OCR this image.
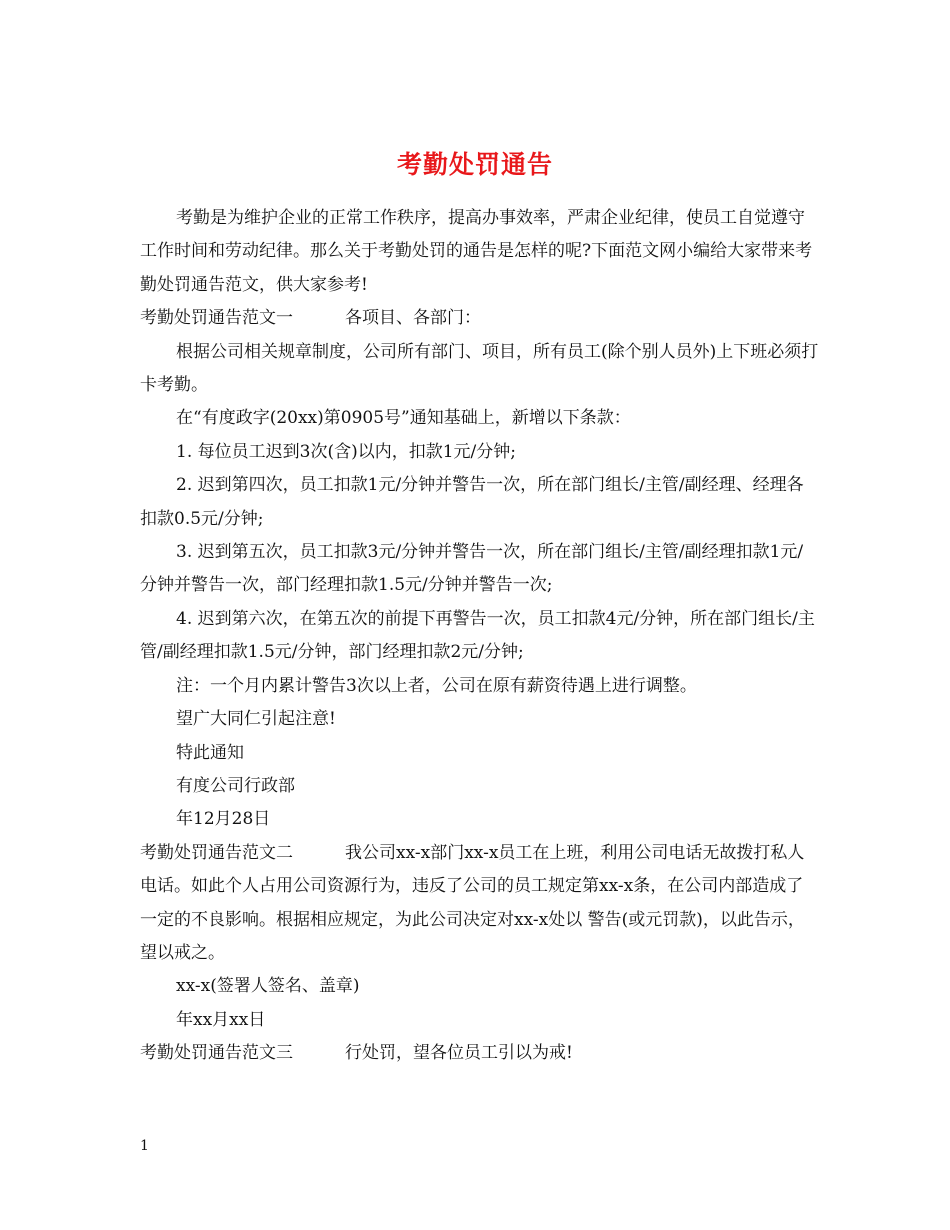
考勤处罚通告

考勤是为维护企业的正常工作秩序，提高办事效率，严肃企业纪律，使员工自觉遵守工作时间和劳动纪律。那么关于考勤处罚的通告是怎样的呢?下面范文网小编给大家带来考勤处罚通告范文，供大家参考!

考勤处罚通告范文一	各项目、各部门：

根据公司相关规章制度，公司所有部门、项目，所有员工(除个别人员外)上下班必须打卡考勤。

在“有度政字(20xx)第0905号”通知基础上，新增以下条款：

1. 每位员工迟到3次(含)以内，扣款1元/分钟;

2. 迟到第四次，员工扣款1元/分钟并警告一次，所在部门组长/主管/副经理、经理各扣款0.5元/分钟;

3. 迟到第五次，员工扣款3元/分钟并警告一次，所在部门组长/主管/副经理扣款1元/分钟并警告一次，部门经理扣款1.5元/分钟并警告一次;

4. 迟到第六次，在第五次的前提下再警告一次，员工扣款4元/分钟，所在部门组长/主管/副经理扣款1.5元/分钟，部门经理扣款2元/分钟;

注：一个月内累计警告3次以上者，公司在原有薪资待遇上进行调整。

望广大同仁引起注意!

特此通知

有度公司行政部

年12月28日

考勤处罚通告范文二	我公司xx-x部门xx-x员工在上班，利用公司电话无故拨打私人电话。如此个人占用公司资源行为，违反了公司的员工规定第xx-x条，在公司内部造成了一定的不良影响。根据相应规定，为此公司决定对xx-x处以 警告(或元罚款)，以此告示，望以戒之。

xx-x(签署人签名、盖章)

年xx月xx日

考勤处罚通告范文三	行处罚，望各位员工引以为戒!

1
